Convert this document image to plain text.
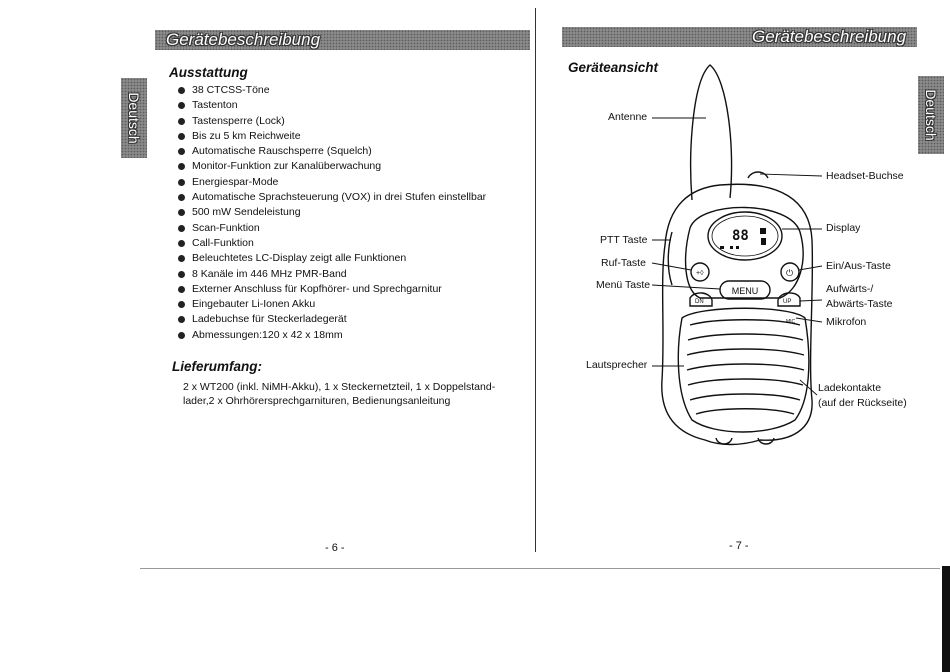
Gerätebeschreibung
Deutsch
Ausstattung
38 CTCSS-Töne
Tastenton
Tastensperre (Lock)
Bis zu 5 km Reichweite
Automatische Rauschsperre (Squelch)
Monitor-Funktion zur Kanalüberwachung
Energiespar-Mode
Automatische Sprachsteuerung (VOX) in drei Stufen einstellbar
500 mW Sendeleistung
Scan-Funktion
Call-Funktion
Beleuchtetes LC-Display zeigt alle Funktionen
8 Kanäle im 446 MHz PMR-Band
Externer Anschluss für Kopfhörer- und Sprechgarnitur
Eingebauter Li-Ionen Akku
Ladebuchse für Steckerladegerät
Abmessungen:120 x 42 x 18mm
Lieferumfang:
2 x WT200 (inkl. NiMH-Akku), 1 x Steckernetzteil, 1 x Doppelstand-lader,2 x Ohrhörersprechgarnituren, Bedienungsanleitung
- 6 -
Gerätebeschreibung
Deutsch
Geräteansicht
88
MENU
DN	UP
MIC
+◊	⏻
Antenne
Headset-Buchse
Display
PTT Taste
Ruf-Taste
Menü Taste
Ein/Aus-Taste
Aufwärts-/
Abwärts-Taste
Mikrofon
Lautsprecher
Ladekontakte
(auf der Rückseite)
- 7 -
